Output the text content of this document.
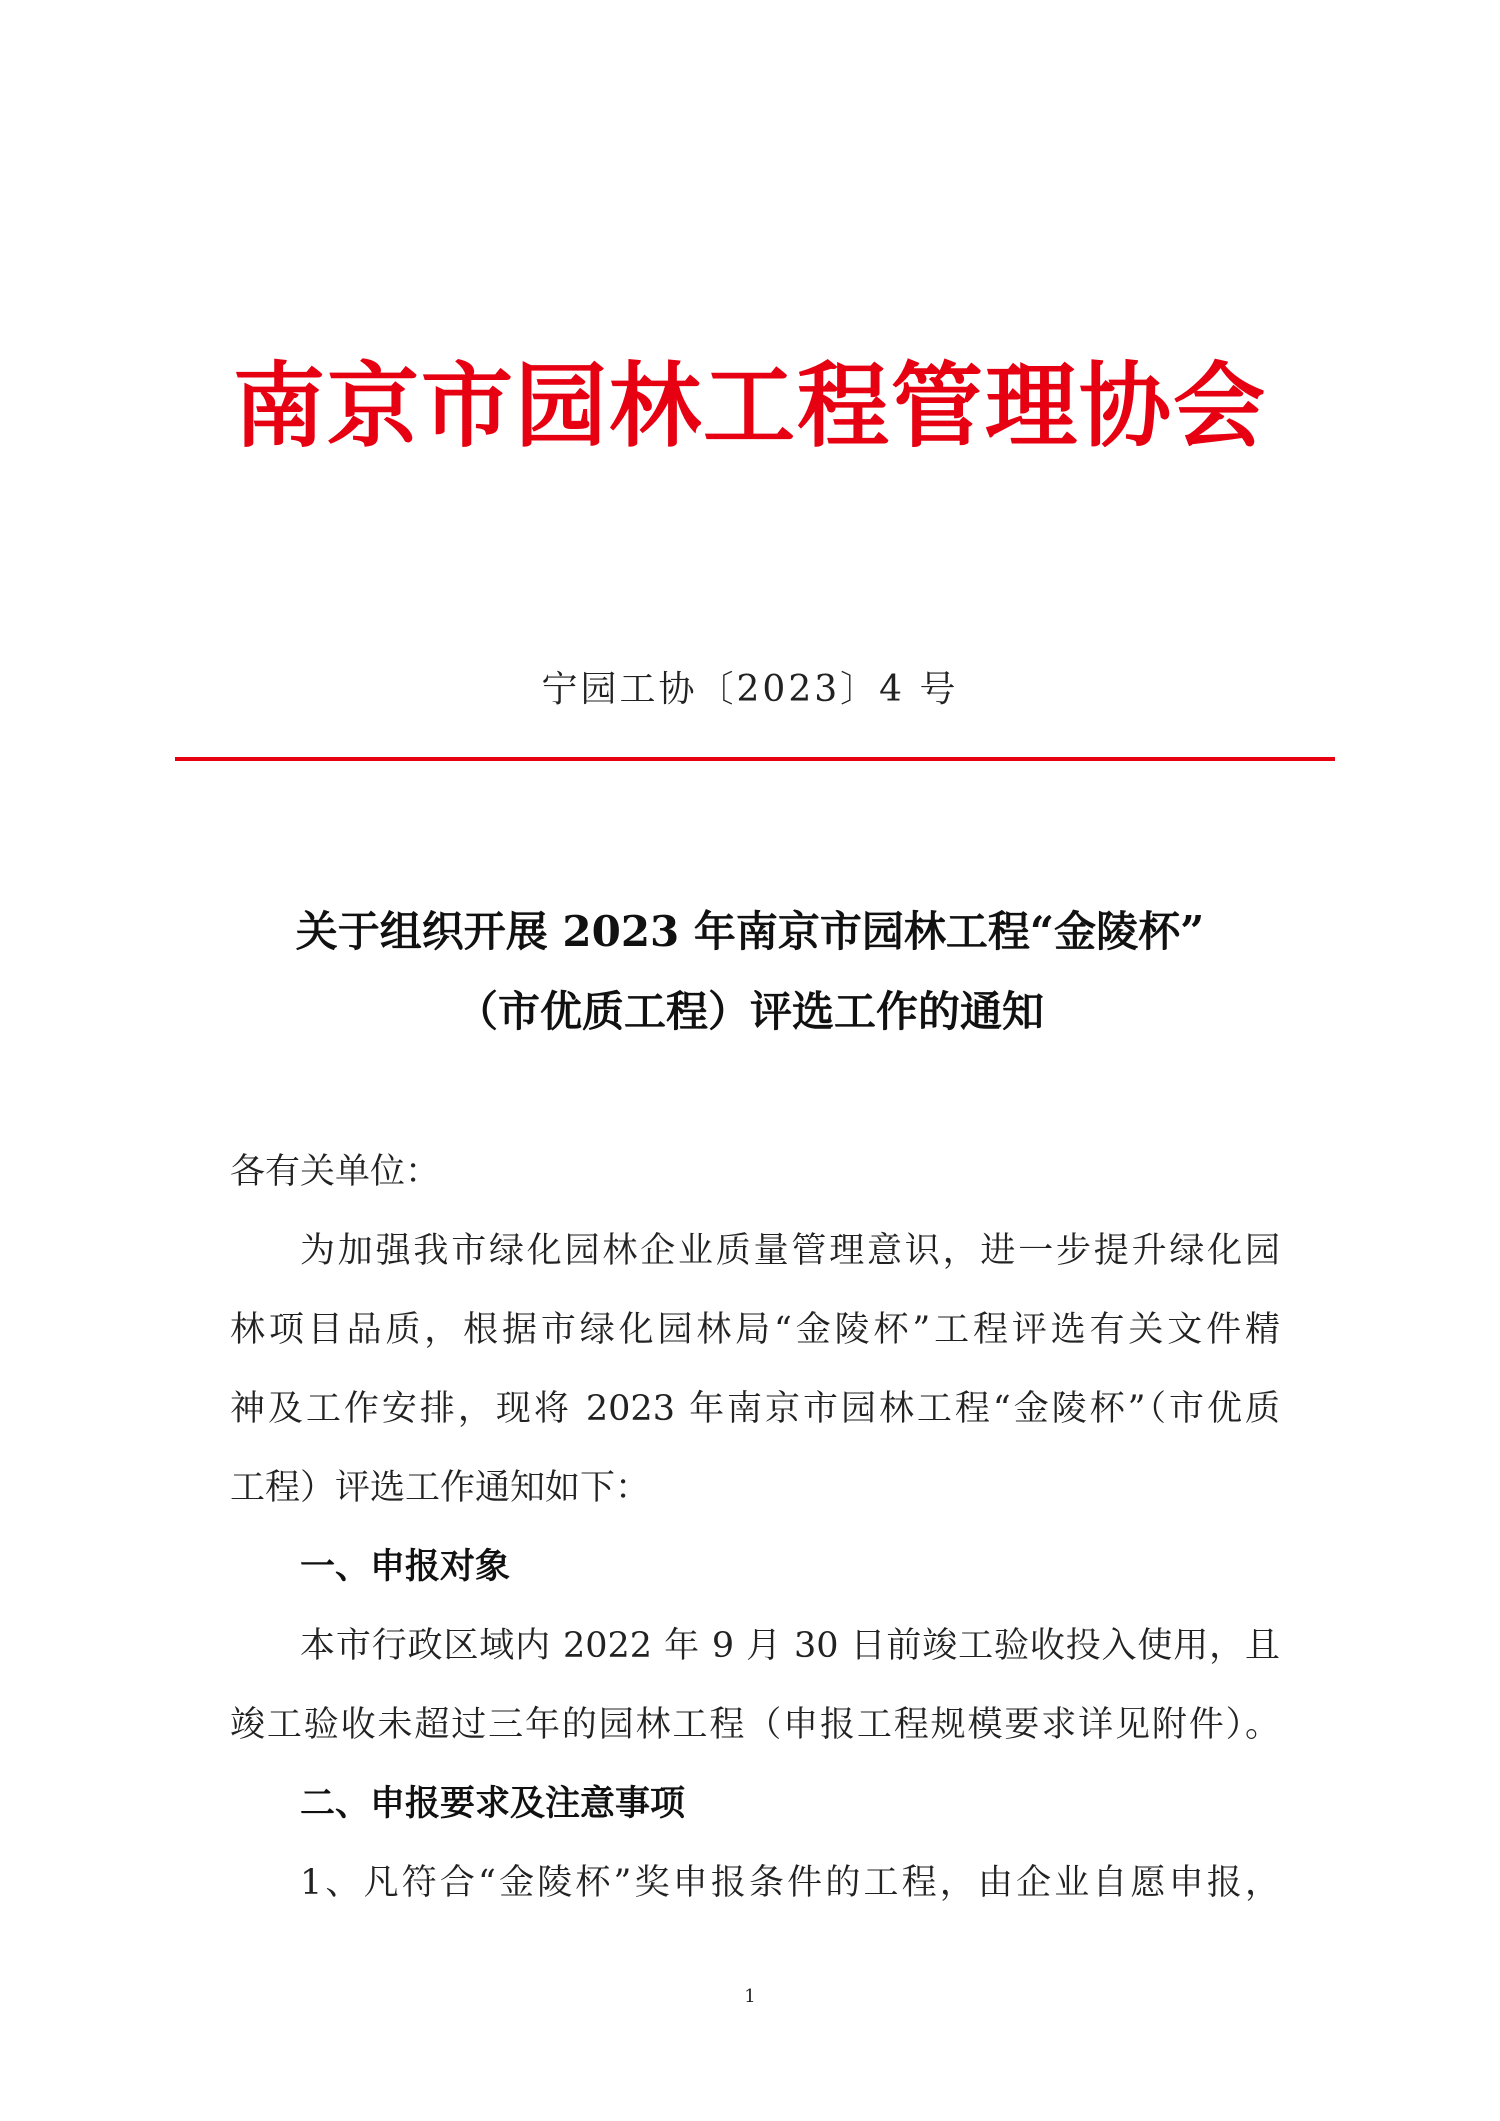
南京市园林工程管理协会
宁园工协〔2023〕4 号
关于组织开展 2023 年南京市园林工程“金陵杯”
（市优质工程）评选工作的通知
各有关单位：
为加强我市绿化园林企业质量管理意识，进一步提升绿化园
林项目品质，根据市绿化园林局“金陵杯”工程评选有关文件精
神及工作安排，现将 2023 年南京市园林工程“金陵杯”（市优质
工程）评选工作通知如下：
一、申报对象
本市行政区域内 2022 年 9 月 30 日前竣工验收投入使用，且
竣工验收未超过三年的园林工程（申报工程规模要求详见附件）。
二、申报要求及注意事项
1、凡符合“金陵杯”奖申报条件的工程，由企业自愿申报，
1
